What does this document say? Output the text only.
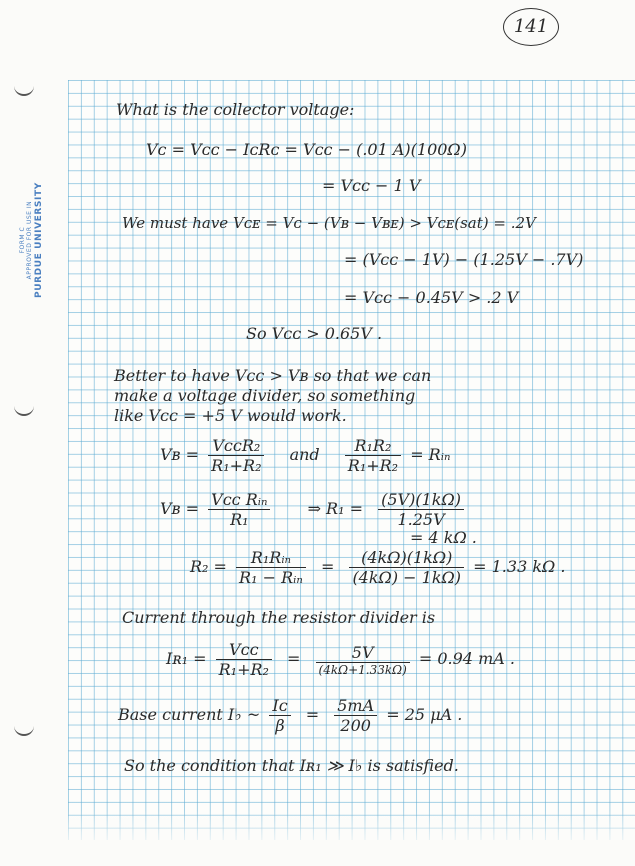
FORM C APPROVED FOR USE IN PURDUE UNIVERSITY
141
What is the collector voltage:
Vᴄ = Vᴄᴄ − IᴄRᴄ = Vᴄᴄ − (.01 A)(100Ω)
= Vᴄᴄ − 1 V
We must have Vᴄᴇ = Vᴄ − (Vʙ − Vʙᴇ) > Vᴄᴇ(sat) = .2V
= (Vᴄᴄ − 1V) − (1.25V − .7V)
= Vᴄᴄ − 0.45V > .2 V
So Vᴄᴄ > 0.65V .
Better to have Vᴄᴄ > Vʙ so that we can
make a voltage divider, so something
like Vᴄᴄ = +5 V would work.
Vʙ = $\frac{\text{VᴄᴄR₂}}{\text{R₁+R₂}}$ and $\frac{\text{R₁R₂}}{\text{R₁+R₂}}$ = Rᵢₙ
Vʙ = $\frac{\text{Vᴄᴄ Rᵢₙ}}{\text{R₁}}$ ⇒ $R_1 = \frac{(5V)(1k\Omega)}{1.25V}$
= 4 kΩ .
$R_2 = \frac{\text{R₁Rᵢₙ}}{\text{R₁ − Rᵢₙ}} = \frac{(4k\Omega)(1k\Omega)}{(4k\Omega) - 1k\Omega)} = 1.33$ kΩ .
Current through the resistor divider is
Iʀ₁ = $\frac{\text{Vᴄᴄ}}{\text{R₁+R₂}} = \frac{5V}{(4k\Omega+1.33k\Omega)} = 0.94$ mA .
Base current I♭ ~ $\frac{\text{Iᴄ}}{\beta} = \frac{5mA}{200} = 25$ μA .
So the condition that Iʀ₁ ≫ I♭ is satisfied.
